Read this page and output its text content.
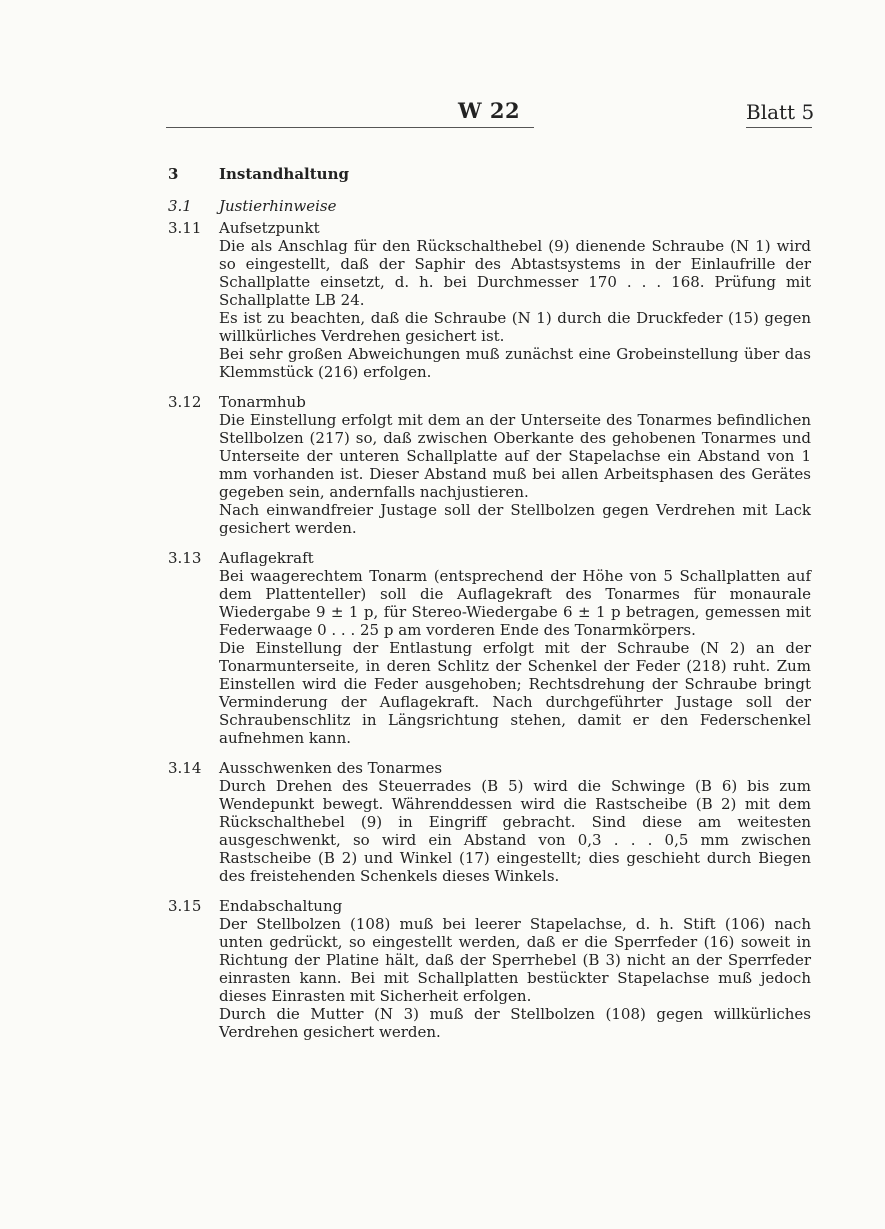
W 22	Blatt 5
3	Instandhaltung
3.1 Justierhinweise
3.11 Aufsetzpunkt
Die als Anschlag für den Rückschalthebel (9) dienende Schraube (N 1) wird so eingestellt, daß der Saphir des Abtastsystems in der Einlaufrille der Schallplatte einsetzt, d. h. bei Durchmesser 170 . . . 168. Prüfung mit Schallplatte LB 24.
Es ist zu beachten, daß die Schraube (N 1) durch die Druckfeder (15) gegen willkürliches Verdrehen gesichert ist.
Bei sehr großen Abweichungen muß zunächst eine Grobeinstellung über das Klemmstück (216) erfolgen.
3.12 Tonarmhub
Die Einstellung erfolgt mit dem an der Unterseite des Tonarmes befindlichen Stellbolzen (217) so, daß zwischen Oberkante des gehobenen Tonarmes und Unterseite der unteren Schallplatte auf der Stapelachse ein Abstand von 1 mm vorhanden ist. Dieser Abstand muß bei allen Arbeitsphasen des Gerätes gegeben sein, andernfalls nachjustieren.
Nach einwandfreier Justage soll der Stellbolzen gegen Verdrehen mit Lack gesichert werden.
3.13 Auflagekraft
Bei waagerechtem Tonarm (entsprechend der Höhe von 5 Schallplatten auf dem Plattenteller) soll die Auflagekraft des Tonarmes für monaurale Wiedergabe 9 ± 1 p, für Stereo-Wiedergabe 6 ± 1 p betragen, gemessen mit Federwaage 0 . . . 25 p am vorderen Ende des Tonarmkörpers.
Die Einstellung der Entlastung erfolgt mit der Schraube (N 2) an der Tonarmunterseite, in deren Schlitz der Schenkel der Feder (218) ruht. Zum Einstellen wird die Feder ausgehoben; Rechtsdrehung der Schraube bringt Verminderung der Auflagekraft. Nach durchgeführter Justage soll der Schraubenschlitz in Längsrichtung stehen, damit er den Federschenkel aufnehmen kann.
3.14 Ausschwenken des Tonarmes
Durch Drehen des Steuerrades (B 5) wird die Schwinge (B 6) bis zum Wendepunkt bewegt. Währenddessen wird die Rastscheibe (B 2) mit dem Rückschalthebel (9) in Eingriff gebracht. Sind diese am weitesten ausgeschwenkt, so wird ein Abstand von 0,3 . . . 0,5 mm zwischen Rastscheibe (B 2) und Winkel (17) eingestellt; dies geschieht durch Biegen des freistehenden Schenkels dieses Winkels.
3.15 Endabschaltung
Der Stellbolzen (108) muß bei leerer Stapelachse, d. h. Stift (106) nach unten gedrückt, so eingestellt werden, daß er die Sperrfeder (16) soweit in Richtung der Platine hält, daß der Sperrhebel (B 3) nicht an der Sperrfeder einrasten kann. Bei mit Schallplatten bestückter Stapelachse muß jedoch dieses Einrasten mit Sicherheit erfolgen.
Durch die Mutter (N 3) muß der Stellbolzen (108) gegen willkürliches Verdrehen gesichert werden.
